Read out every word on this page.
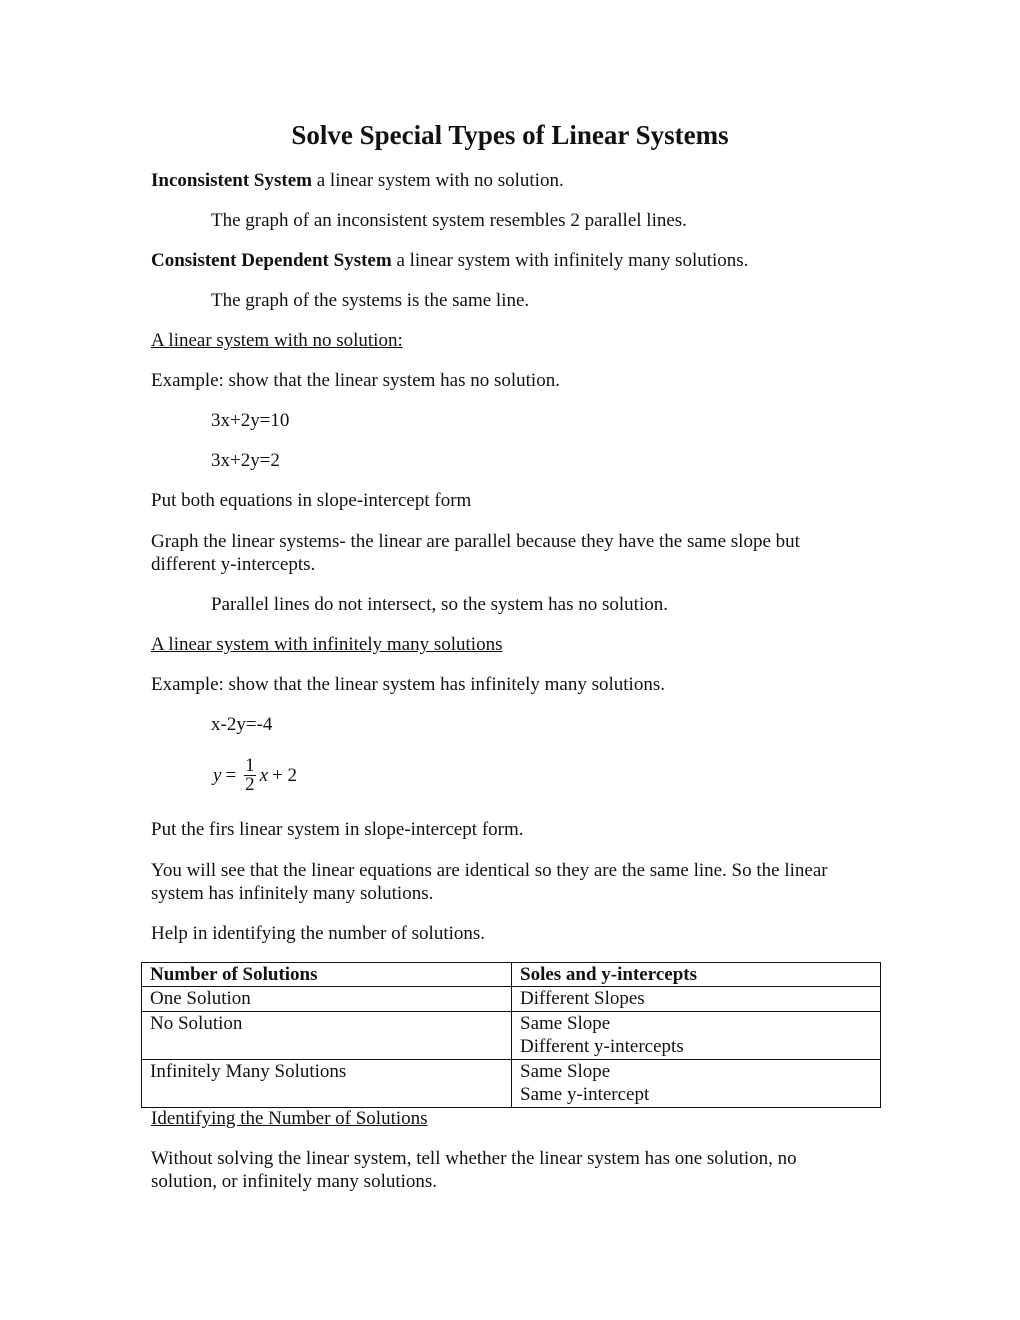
Solve Special Types of Linear Systems
Inconsistent System a linear system with no solution.
The graph of an inconsistent system resembles 2 parallel lines.
Consistent Dependent System a linear system with infinitely many solutions.
The graph of the systems is the same line.
A linear system with no solution:
Example: show that the linear system has no solution.
3x+2y=10
3x+2y=2
Put both equations in slope-intercept form
Graph the linear systems- the linear are parallel because they have the same slope but different y-intercepts.
Parallel lines do not intersect, so the system has no solution.
A linear system with infinitely many solutions
Example: show that the linear system has infinitely many solutions.
x-2y=-4
$y = \frac{1}{2}$ x + 2
Put the firs linear system in slope-intercept form.
You will see that the linear equations are identical so they are the same line. So the linear system has infinitely many solutions.
Help in identifying the number of solutions.
Number of Solutions	Soles and y-intercepts
One Solution	Different Slopes

No Solution	Same Slope
Different y-intercepts

Infinitely Many Solutions	Same Slope
Same y-intercept
Identifying the Number of Solutions
Without solving the linear system, tell whether the linear system has one solution, no solution, or infinitely many solutions.
